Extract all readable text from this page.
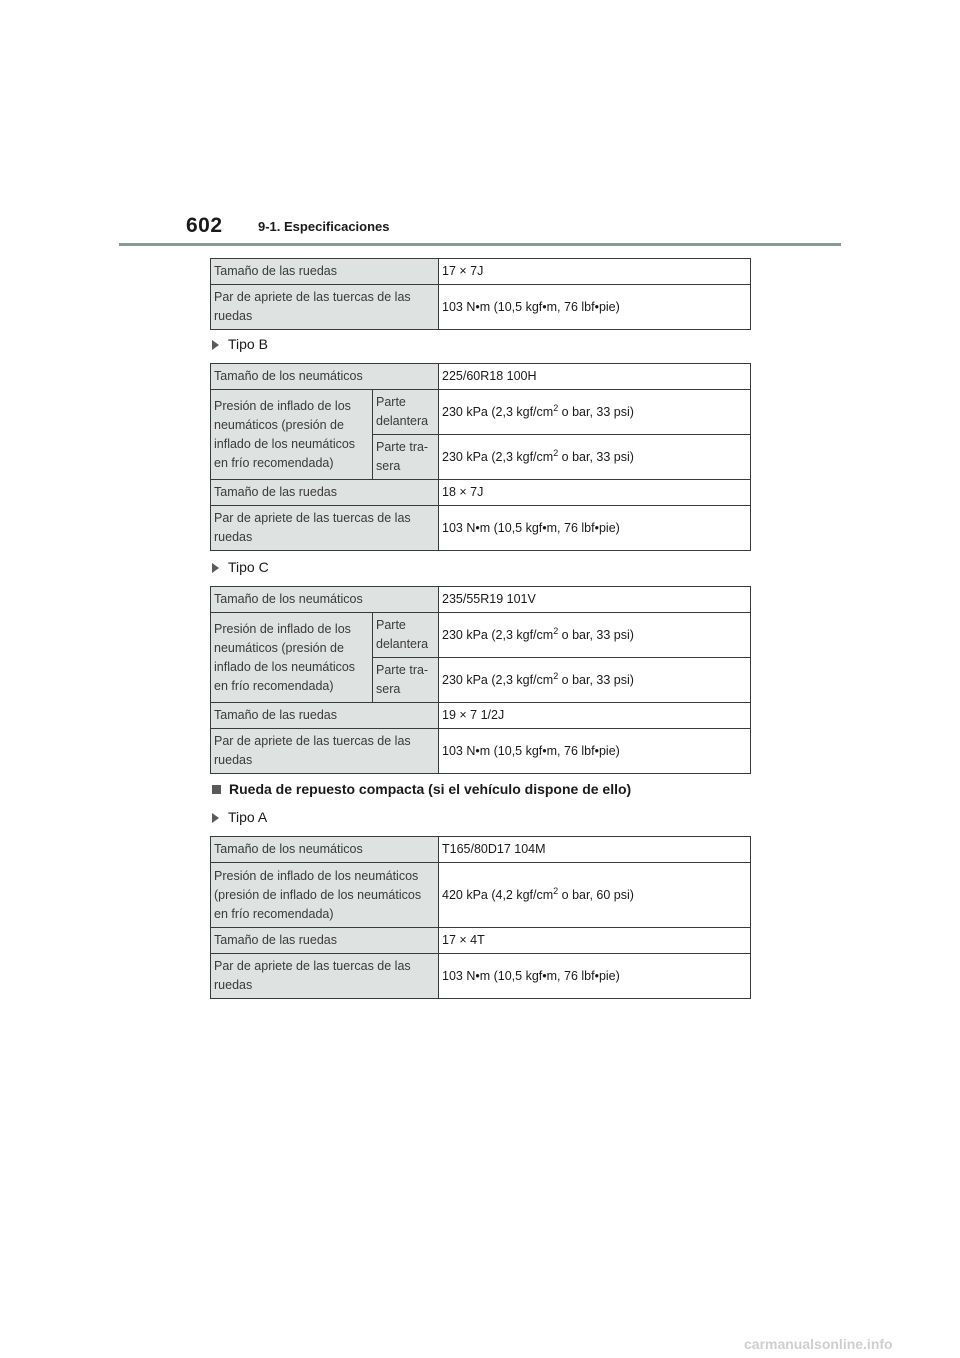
602	9-1. Especificaciones
Tamaño de las ruedas	17 × 7J
Par de apriete de las tuercas de las ruedas	103 N•m (10,5 kgf•m, 76 lbf•pie)
Tipo B
Tamaño de los neumáticos		225/60R18 100H
Presión de inflado de los neumáticos (presión de inflado de los neumáticos en frío recomendada)	Parte delantera	230 kPa (2,3 kgf/$cm^2$ o bar, 33 psi)
	Parte tra-sera	230 kPa (2,3 kgf/$cm^2$ o bar, 33 psi)
Tamaño de las ruedas		18 × 7J
Par de apriete de las tuercas de las ruedas		103 N•m (10,5 kgf•m, 76 lbf•pie)
Tipo C
Tamaño de los neumáticos		235/55R19 101V
Presión de inflado de los neumáticos (presión de inflado de los neumáticos en frío recomendada)	Parte delantera	230 kPa (2,3 kgf/$cm^2$ o bar, 33 psi)
	Parte tra-sera	230 kPa (2,3 kgf/$cm^2$ o bar, 33 psi)
Tamaño de las ruedas		19 × 7 1/2J
Par de apriete de las tuercas de las ruedas		103 N•m (10,5 kgf•m, 76 lbf•pie)
Rueda de repuesto compacta (si el vehículo dispone de ello)
Tipo A
Tamaño de los neumáticos	T165/80D17 104M
Presión de inflado de los neumáticos (presión de inflado de los neumáticos en frío recomendada)	420 kPa (4,2 kgf/$cm^2$ o bar, 60 psi)
Tamaño de las ruedas	17 × 4T
Par de apriete de las tuercas de las ruedas	103 N•m (10,5 kgf•m, 76 lbf•pie)
carmanualsonline.info
